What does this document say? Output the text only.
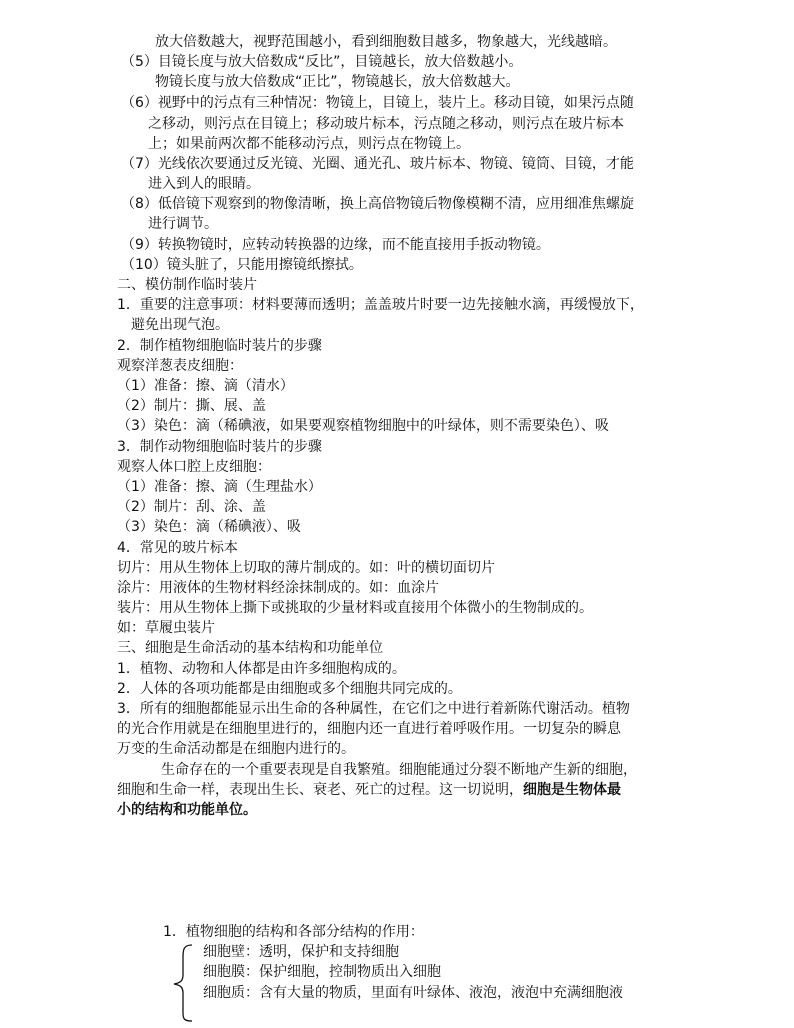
放大倍数越大，视野范围越小，看到细胞数目越多，物象越大，光线越暗。
（5）目镜长度与放大倍数成“反比”，目镜越长，放大倍数越小。
物镜长度与放大倍数成“正比”，物镜越长，放大倍数越大。
（6）视野中的污点有三种情况：物镜上，目镜上，装片上。移动目镜，如果污点随
之移动，则污点在目镜上；移动玻片标本，污点随之移动，则污点在玻片标本
上；如果前两次都不能移动污点，则污点在物镜上。
（7）光线依次要通过反光镜、光圈、通光孔、玻片标本、物镜、镜筒、目镜，才能
进入到人的眼睛。
（8）低倍镜下观察到的物像清晰，换上高倍物镜后物像模糊不清，应用细准焦螺旋
进行调节。
（9）转换物镜时，应转动转换器的边缘，而不能直接用手扳动物镜。
（10）镜头脏了，只能用擦镜纸擦拭。
二、模仿制作临时装片
1．重要的注意事项：材料要薄而透明；盖盖玻片时要一边先接触水滴，再缓慢放下，
避免出现气泡。
2．制作植物细胞临时装片的步骤
观察洋葱表皮细胞：
（1）准备：擦、滴（清水）
（2）制片：撕、展、盖
（3）染色：滴（稀碘液，如果要观察植物细胞中的叶绿体，则不需要染色）、吸
3．制作动物细胞临时装片的步骤
观察人体口腔上皮细胞：
（1）准备：擦、滴（生理盐水）
（2）制片：刮、涂、盖
（3）染色：滴（稀碘液）、吸
4．常见的玻片标本
切片：用从生物体上切取的薄片制成的。如：叶的横切面切片
涂片：用液体的生物材料经涂抹制成的。如：血涂片
装片：用从生物体上撕下或挑取的少量材料或直接用个体微小的生物制成的。
如：草履虫装片
三、细胞是生命活动的基本结构和功能单位
1．植物、动物和人体都是由许多细胞构成的。
2．人体的各项功能都是由细胞或多个细胞共同完成的。
3．所有的细胞都能显示出生命的各种属性，在它们之中进行着新陈代谢活动。植物
的光合作用就是在细胞里进行的，细胞内还一直进行着呼吸作用。一切复杂的瞬息
万变的生命活动都是在细胞内进行的。
生命存在的一个重要表现是自我繁殖。细胞能通过分裂不断地产生新的细胞，
细胞和生命一样，表现出生长、衰老、死亡的过程。这一切说明，细胞是生物体最
小的结构和功能单位。
1．植物细胞的结构和各部分结构的作用：
细胞壁：透明，保护和支持细胞
细胞膜：保护细胞，控制物质出入细胞
细胞质：含有大量的物质，里面有叶绿体、液泡，液泡中充满细胞液
